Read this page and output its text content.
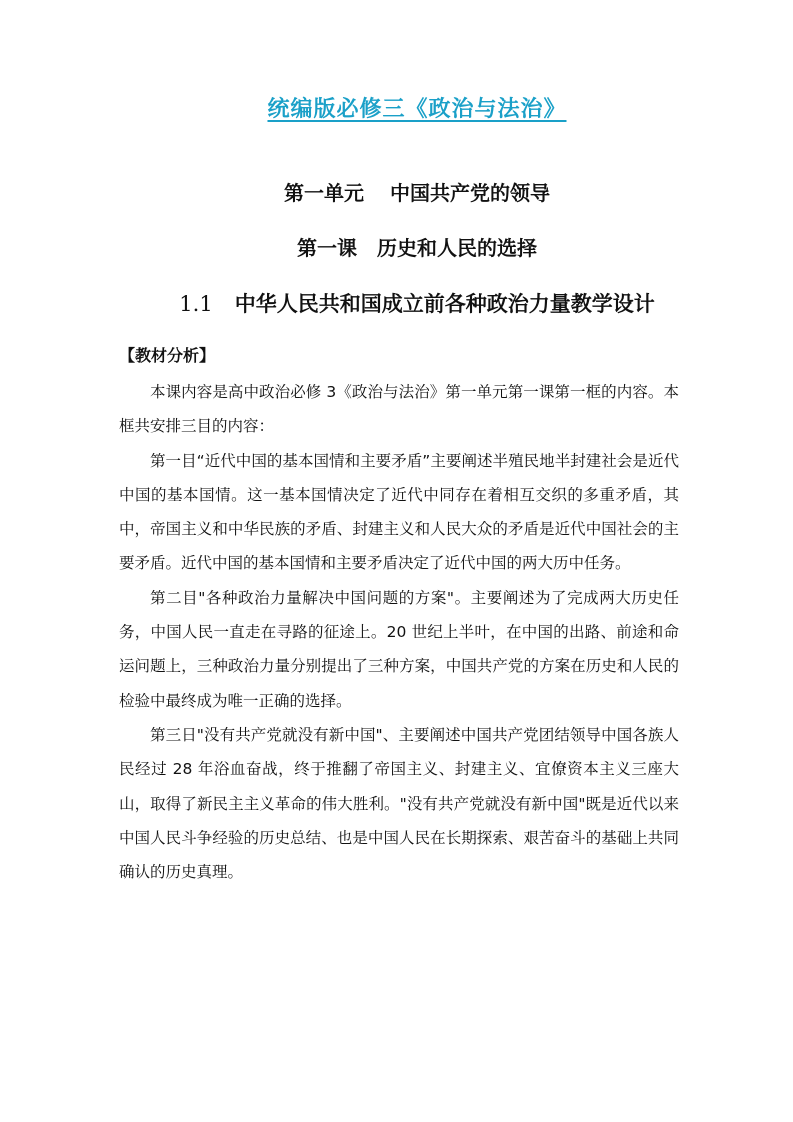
统编版必修三《政治与法治》
第一单元 中国共产党的领导
第一课 历史和人民的选择
1.1 中华人民共和国成立前各种政治力量教学设计
【教材分析】

本课内容是高中政治必修 3《政治与法治》第一单元第一课第一框的内容。本框共安排三目的内容：

第一目“近代中国的基本国情和主要矛盾”主要阐述半殖民地半封建社会是近代中国的基本国情。这一基本国情决定了近代中同存在着相互交织的多重矛盾，其中，帝国主义和中华民族的矛盾、封建主义和人民大众的矛盾是近代中国社会的主要矛盾。近代中国的基本国情和主要矛盾决定了近代中国的两大历中任务。

第二目"各种政治力量解决中国问题的方案"。主要阐述为了完成两大历史任务，中国人民一直走在寻路的征途上。20 世纪上半叶，在中国的出路、前途和命运问题上，三种政治力量分别提出了三种方案，中国共产党的方案在历史和人民的检验中最终成为唯一正确的选择。

第三日"没有共产党就没有新中国"、主要阐述中国共产党团结领导中国各族人民经过 28 年浴血奋战，终于推翻了帝国主义、封建主义、宜僚资本主义三座大山，取得了新民主主义革命的伟大胜利。"没有共产党就没有新中国"既是近代以来中国人民斗争经验的历史总结、也是中国人民在长期探索、艰苦奋斗的基础上共同确认的历史真理。
